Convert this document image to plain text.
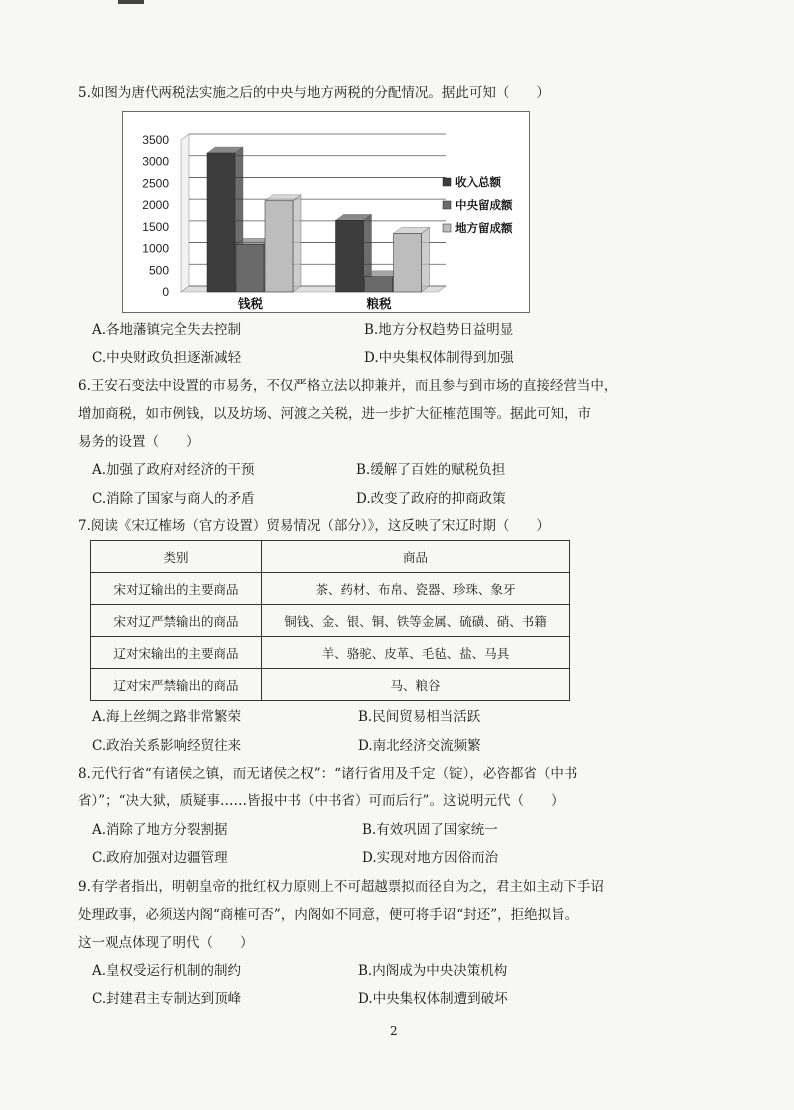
5.如图为唐代两税法实施之后的中央与地方两税的分配情况。据此可知（　　）
3500
3000
2500
2000
1500
1000
500
0
钱税	粮税
收入总额
中央留成额
地方留成额
A.各地藩镇完全失去控制	B.地方分权趋势日益明显
C.中央财政负担逐渐减轻	D.中央集权体制得到加强
6.王安石变法中设置的市易务，不仅严格立法以抑兼并，而且参与到市场的直接经营当中，
增加商税，如市例钱，以及坊场、河渡之关税，进一步扩大征榷范围等。据此可知，市
易务的设置（　　）
A.加强了政府对经济的干预	B.缓解了百姓的赋税负担
C.消除了国家与商人的矛盾	D.改变了政府的抑商政策
7.阅读《宋辽榷场（官方设置）贸易情况（部分）》，这反映了宋辽时期（　　）
类别	商品
宋对辽输出的主要商品	茶、药材、布帛、瓷器、珍珠、象牙
宋对辽严禁输出的商品	铜钱、金、银、铜、铁等金属、硫磺、硝、书籍
辽对宋输出的主要商品	羊、骆驼、皮革、毛毡、盐、马具
辽对宋严禁输出的商品	马、粮谷
A.海上丝绸之路非常繁荣	B.民间贸易相当活跃
C.政治关系影响经贸往来	D.南北经济交流频繁
8.元代行省“有诸侯之镇，而无诸侯之权”：“诸行省用及千定（锭），必咨都省（中书
省）”；“决大狱，质疑事……皆报中书（中书省）可而后行”。这说明元代（　　）
A.消除了地方分裂割据	B.有效巩固了国家统一
C.政府加强对边疆管理	D.实现对地方因俗而治
9.有学者指出，明朝皇帝的批红权力原则上不可超越票拟而径自为之，君主如主动下手诏
处理政事，必须送内阁“商榷可否”，内阁如不同意，便可将手诏“封还”，拒绝拟旨。
这一观点体现了明代（　　）
A.皇权受运行机制的制约	B.内阁成为中央决策机构
C.封建君主专制达到顶峰	D.中央集权体制遭到破坏
2
